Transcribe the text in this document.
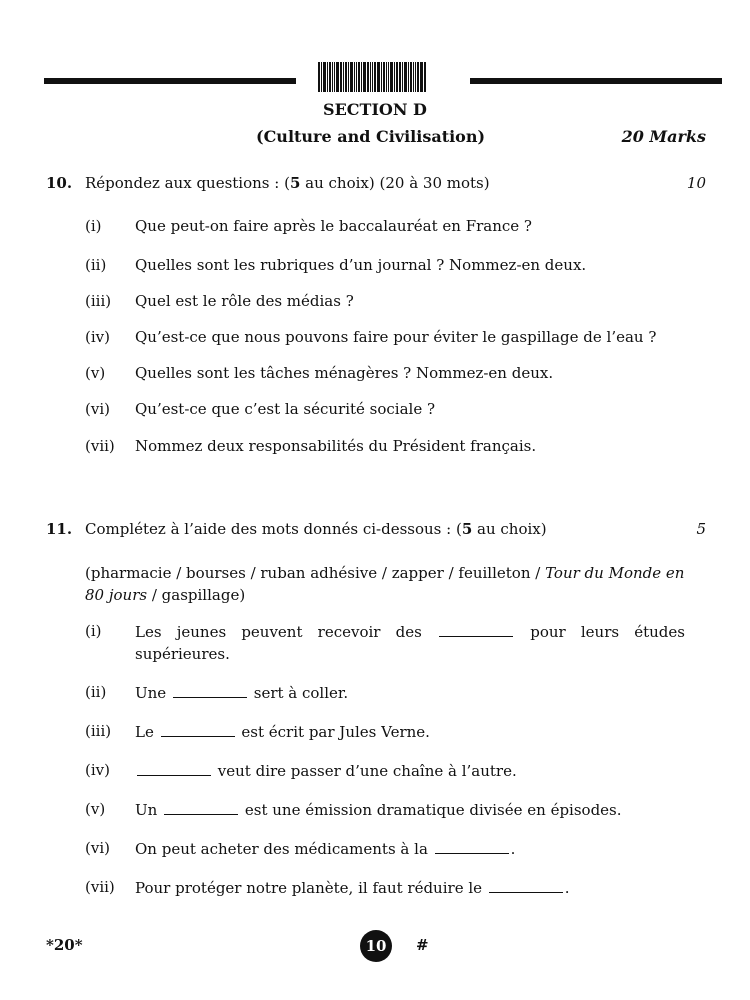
SECTION D
(Culture and Civilisation)	20 Marks
10. Répondez aux questions : (5 au choix) (20 à 30 mots)	10
(i) Que peut-on faire après le baccalauréat en France ?
(ii) Quelles sont les rubriques d’un journal ? Nommez-en deux.
(iii) Quel est le rôle des médias ?
(iv) Qu’est-ce que nous pouvons faire pour éviter le gaspillage de l’eau ?
(v) Quelles sont les tâches ménagères ? Nommez-en deux.
(vi) Qu’est-ce que c’est la sécurité sociale ?
(vii) Nommez deux responsabilités du Président français.
11. Complétez à l’aide des mots donnés ci-dessous : (5 au choix)	5
(pharmacie / bourses / ruban adhésive / zapper / feuilleton / Tour du Monde en 80 jours / gaspillage)
(i) Les jeunes peuvent recevoir des	pour leurs études
supérieures.
(ii) Une	sert à coller.
(iii) Le	est écrit par Jules Verne.
(iv)	veut dire passer d’une chaîne à l’autre.
(v) Un	est une émission dramatique divisée en épisodes.
(vi) On peut acheter des médicaments à la	.
(vii) Pour protéger notre planète, il faut réduire le	.
*20*	10	#
